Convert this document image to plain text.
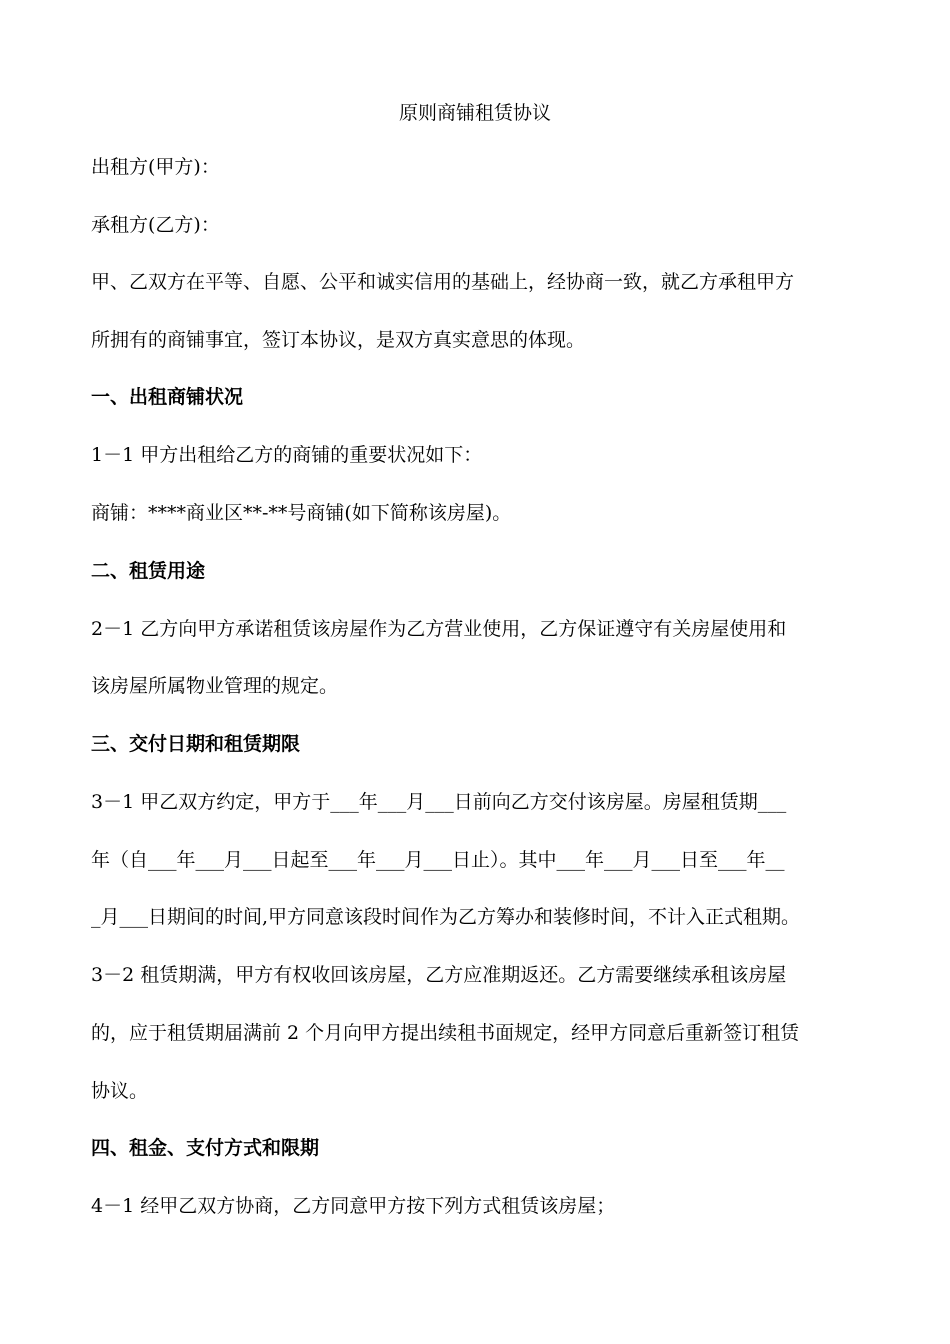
原则商铺租赁协议
出租方(甲方)：
承租方(乙方)：
甲、乙双方在平等、自愿、公平和诚实信用的基础上，经协商一致，就乙方承租甲方
所拥有的商铺事宜，签订本协议，是双方真实意思的体现。
一、出租商铺状况
1－1 甲方出租给乙方的商铺的重要状况如下：
商铺：****商业区**-**号商铺(如下简称该房屋)。
二、租赁用途
2－1 乙方向甲方承诺租赁该房屋作为乙方营业使用，乙方保证遵守有关房屋使用和
该房屋所属物业管理的规定。
三、交付日期和租赁期限
3－1 甲乙双方约定，甲方于___年___月___日前向乙方交付该房屋。房屋租赁期___
年（自___年___月___日起至___年___月___日止）。其中___年___月___日至___年__
_月___日期间的时间,甲方同意该段时间作为乙方筹办和装修时间，不计入正式租期。
3－2 租赁期满，甲方有权收回该房屋，乙方应准期返还。乙方需要继续承租该房屋
的，应于租赁期届满前 2 个月向甲方提出续租书面规定，经甲方同意后重新签订租赁
协议。
四、租金、支付方式和限期
4－1 经甲乙双方协商，乙方同意甲方按下列方式租赁该房屋；
